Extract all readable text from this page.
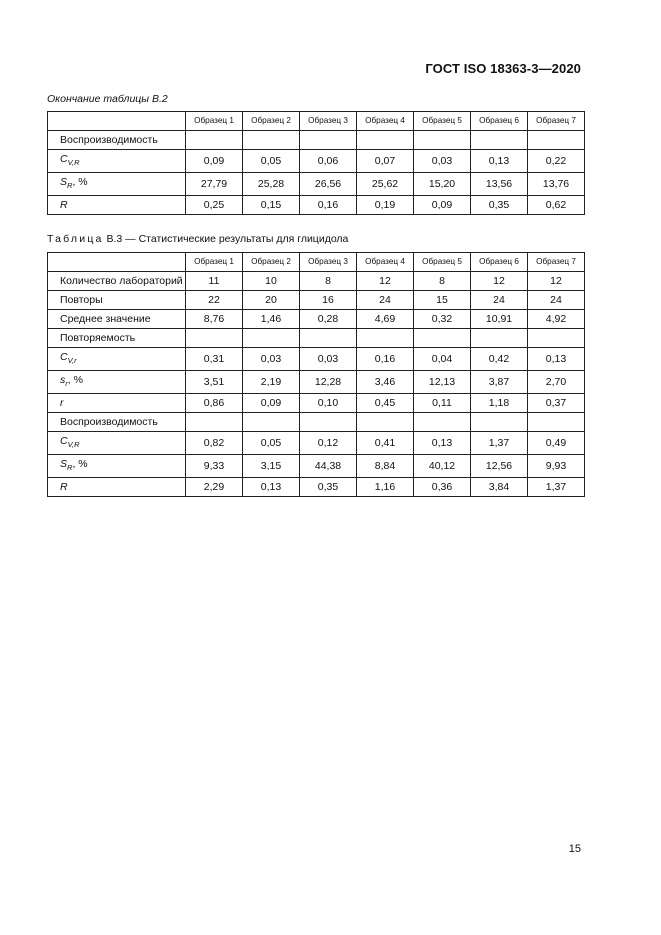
ГОСТ ISO 18363-3—2020
Окончание таблицы В.2
	Образец 1	Образец 2	Образец 3	Образец 4	Образец 5	Образец 6	Образец 7
Воспроизводимость							
$C_{V,R}$	0,09	0,05	0,06	0,07	0,03	0,13	0,22
$S_R$, %	27,79	25,28	26,56	25,62	15,20	13,56	13,76
R	0,25	0,15	0,16	0,19	0,09	0,35	0,62
Таблица В.3 — Статистические результаты для глицидола
	Образец 1	Образец 2	Образец 3	Образец 4	Образец 5	Образец 6	Образец 7
Количество лабораторий	11	10	8	12	8	12	12
Повторы	22	20	16	24	15	24	24
Среднее значение	8,76	1,46	0,28	4,69	0,32	10,91	4,92
Повторяемость							
$C_{V,r}$	0,31	0,03	0,03	0,16	0,04	0,42	0,13
$s_r$, %	3,51	2,19	12,28	3,46	12,13	3,87	2,70
r	0,86	0,09	0,10	0,45	0,11	1,18	0,37
Воспроизводимость							
$C_{V,R}$	0,82	0,05	0,12	0,41	0,13	1,37	0,49
$S_R$, %	9,33	3,15	44,38	8,84	40,12	12,56	9,93
R	2,29	0,13	0,35	1,16	0,36	3,84	1,37
15
